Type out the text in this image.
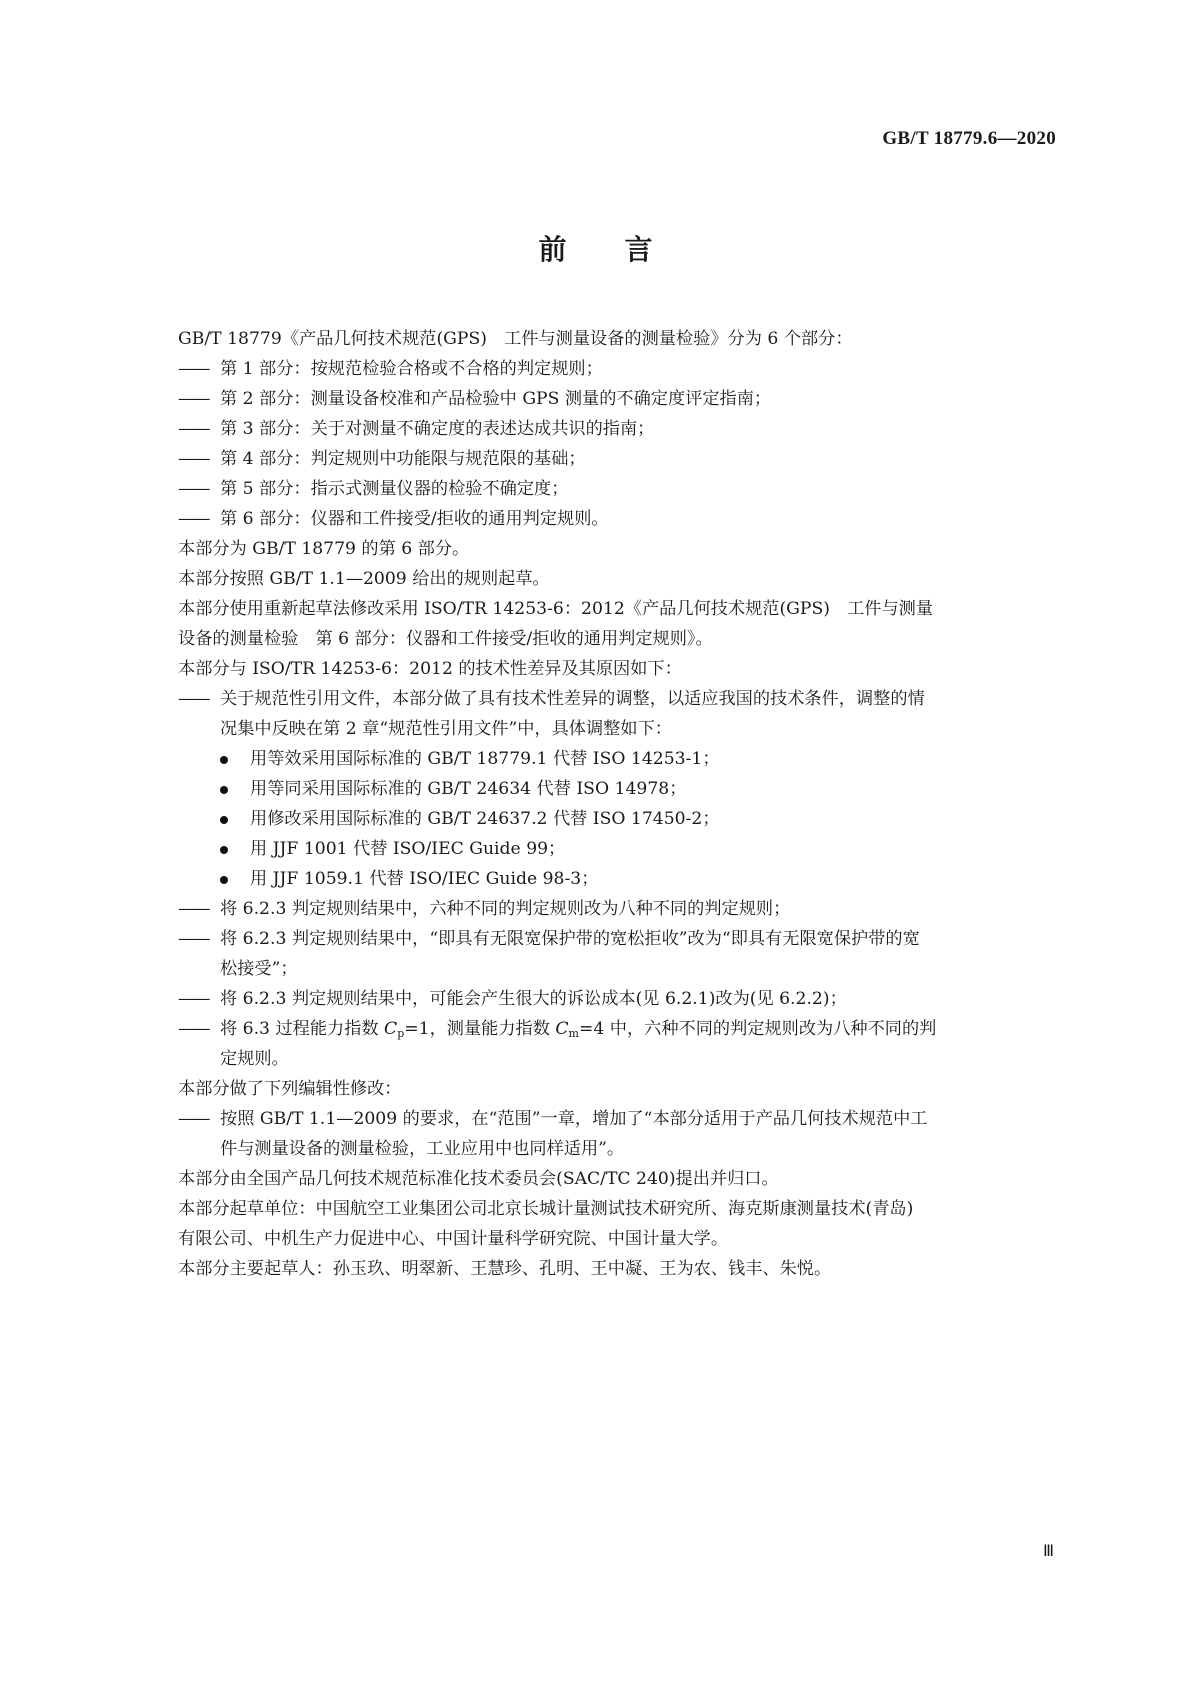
GB/T 18779.6—2020
前言
GB/T 18779《产品几何技术规范(GPS)　工件与测量设备的测量检验》分为 6 个部分：
—— 第 1 部分：按规范检验合格或不合格的判定规则；
—— 第 2 部分：测量设备校准和产品检验中 GPS 测量的不确定度评定指南；
—— 第 3 部分：关于对测量不确定度的表述达成共识的指南；
—— 第 4 部分：判定规则中功能限与规范限的基础；
—— 第 5 部分：指示式测量仪器的检验不确定度；
—— 第 6 部分：仪器和工件接受/拒收的通用判定规则。
本部分为 GB/T 18779 的第 6 部分。
本部分按照 GB/T 1.1—2009 给出的规则起草。
本部分使用重新起草法修改采用 ISO/TR 14253-6：2012《产品几何技术规范(GPS)　工件与测量
设备的测量检验　第 6 部分：仪器和工件接受/拒收的通用判定规则》。
本部分与 ISO/TR 14253-6：2012 的技术性差异及其原因如下：
—— 关于规范性引用文件，本部分做了具有技术性差异的调整，以适应我国的技术条件，调整的情
况集中反映在第 2 章“规范性引用文件”中，具体调整如下：
用等效采用国际标准的 GB/T 18779.1 代替 ISO 14253-1；
用等同采用国际标准的 GB/T 24634 代替 ISO 14978；
用修改采用国际标准的 GB/T 24637.2 代替 ISO 17450-2；
用 JJF 1001 代替 ISO/IEC Guide 99；
用 JJF 1059.1 代替 ISO/IEC Guide 98-3；
—— 将 6.2.3 判定规则结果中，六种不同的判定规则改为八种不同的判定规则；
—— 将 6.2.3 判定规则结果中，“即具有无限宽保护带的宽松拒收”改为“即具有无限宽保护带的宽
松接受”；
—— 将 6.2.3 判定规则结果中，可能会产生很大的诉讼成本(见 6.2.1)改为(见 6.2.2)；
—— 将 6.3 过程能力指数 $C_p=1$，测量能力指数 $C_m=4$ 中，六种不同的判定规则改为八种不同的判
定规则。
本部分做了下列编辑性修改：
—— 按照 GB/T 1.1—2009 的要求，在“范围”一章，增加了“本部分适用于产品几何技术规范中工
件与测量设备的测量检验，工业应用中也同样适用”。
本部分由全国产品几何技术规范标准化技术委员会(SAC/TC 240)提出并归口。
本部分起草单位：中国航空工业集团公司北京长城计量测试技术研究所、海克斯康测量技术(青岛)
有限公司、中机生产力促进中心、中国计量科学研究院、中国计量大学。
本部分主要起草人：孙玉玖、明翠新、王慧珍、孔明、王中凝、王为农、钱丰、朱悦。
Ⅲ
